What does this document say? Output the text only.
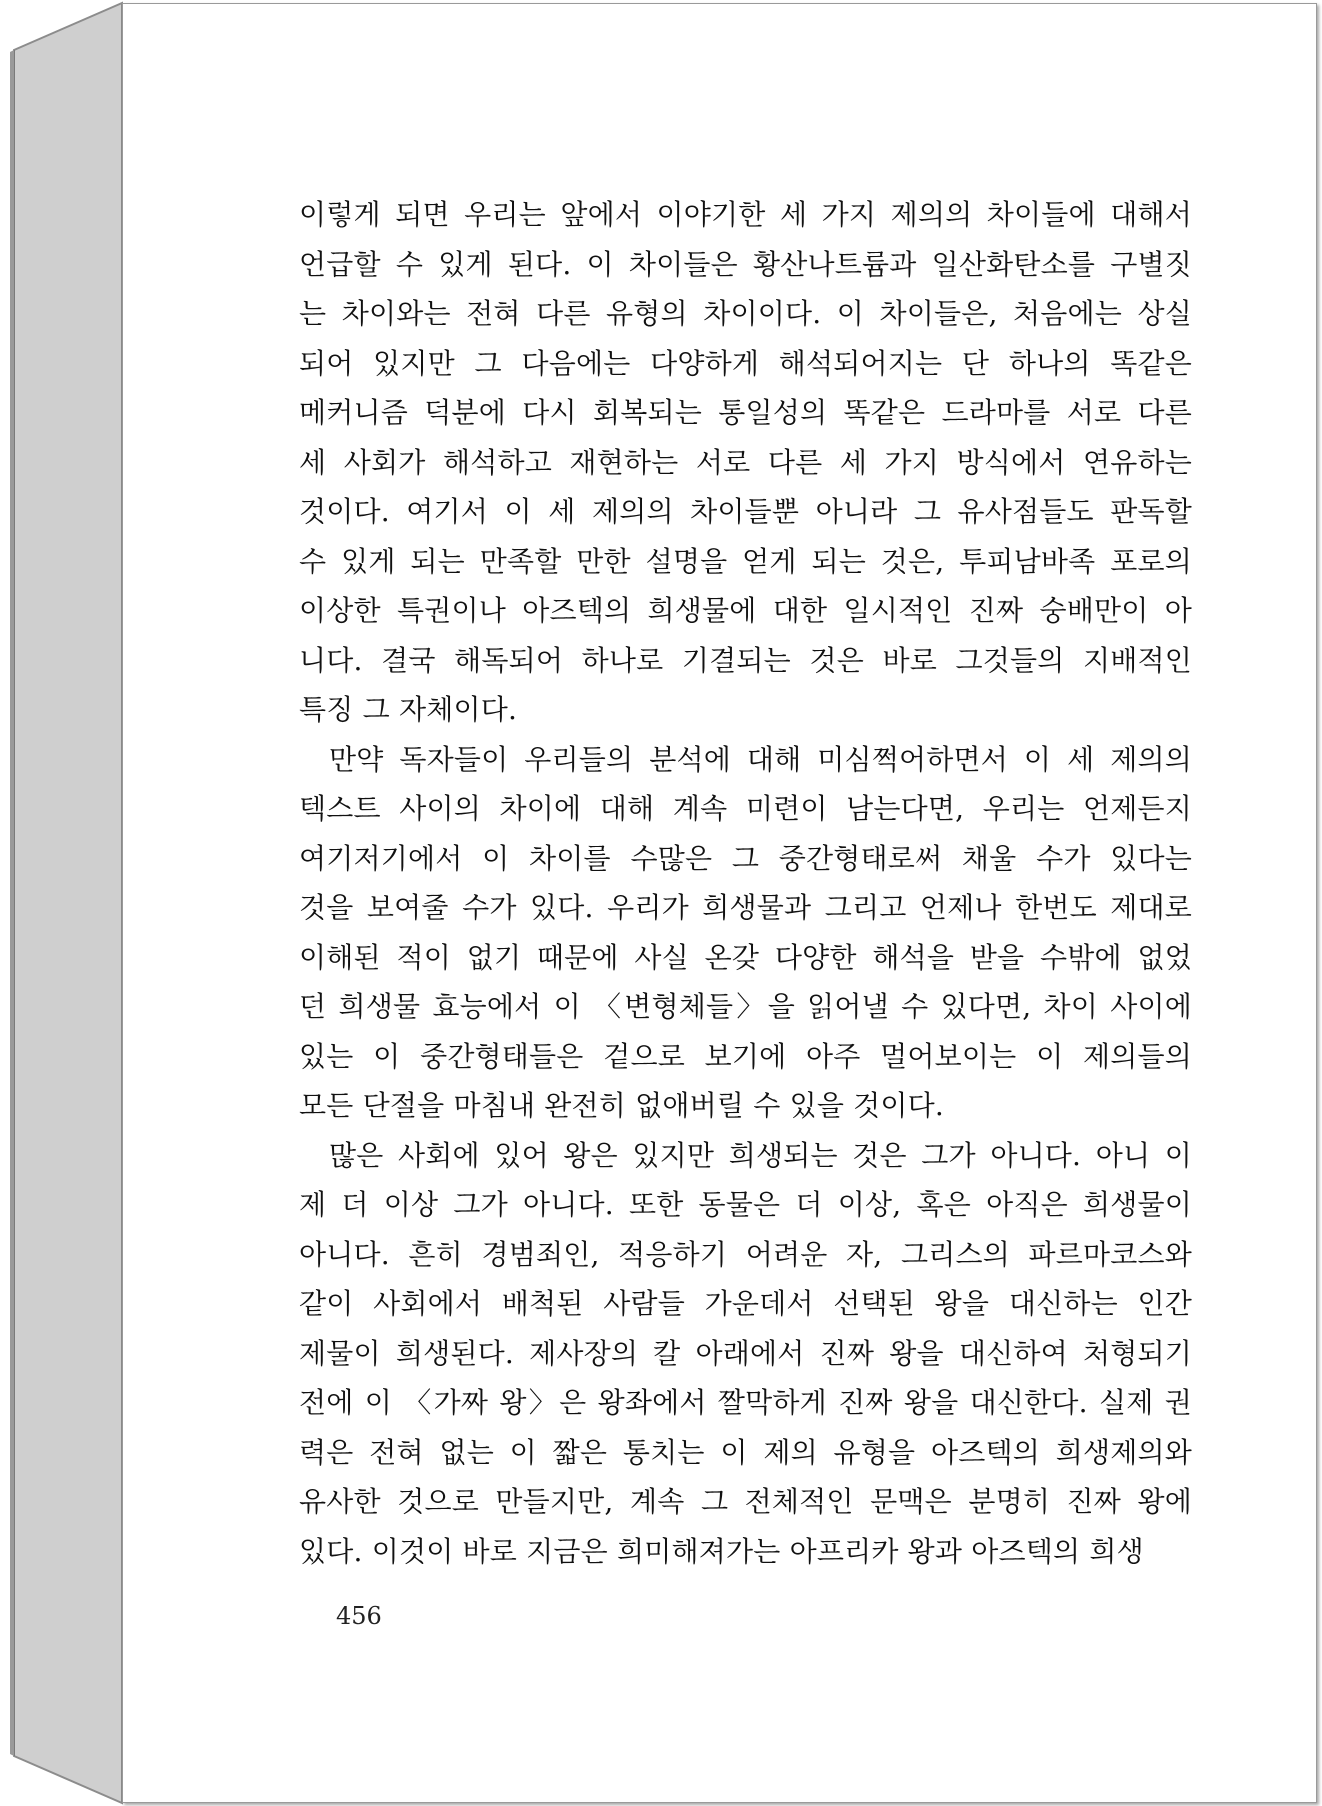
이렇게 되면 우리는 앞에서 이야기한 세 가지 제의의 차이들에 대해서
언급할 수 있게 된다. 이 차이들은 황산나트륨과 일산화탄소를 구별짓
는 차이와는 전혀 다른 유형의 차이이다. 이 차이들은, 처음에는 상실
되어 있지만 그 다음에는 다양하게 해석되어지는 단 하나의 똑같은
메커니즘 덕분에 다시 회복되는 통일성의 똑같은 드라마를 서로 다른
세 사회가 해석하고 재현하는 서로 다른 세 가지 방식에서 연유하는
것이다. 여기서 이 세 제의의 차이들뿐 아니라 그 유사점들도 판독할
수 있게 되는 만족할 만한 설명을 얻게 되는 것은, 투피남바족 포로의
이상한 특권이나 아즈텍의 희생물에 대한 일시적인 진짜 숭배만이 아
니다. 결국 해독되어 하나로 기결되는 것은 바로 그것들의 지배적인
특징 그 자체이다.
만약 독자들이 우리들의 분석에 대해 미심쩍어하면서 이 세 제의의
텍스트 사이의 차이에 대해 계속 미련이 남는다면, 우리는 언제든지
여기저기에서 이 차이를 수많은 그 중간형태로써 채울 수가 있다는
것을 보여줄 수가 있다. 우리가 희생물과 그리고 언제나 한번도 제대로
이해된 적이 없기 때문에 사실 온갖 다양한 해석을 받을 수밖에 없었
던 희생물 효능에서 이 〈변형체들〉을 읽어낼 수 있다면, 차이 사이에
있는 이 중간형태들은 겉으로 보기에 아주 멀어보이는 이 제의들의
모든 단절을 마침내 완전히 없애버릴 수 있을 것이다.
많은 사회에 있어 왕은 있지만 희생되는 것은 그가 아니다. 아니 이
제 더 이상 그가 아니다. 또한 동물은 더 이상, 혹은 아직은 희생물이
아니다. 흔히 경범죄인, 적응하기 어려운 자, 그리스의 파르마코스와
같이 사회에서 배척된 사람들 가운데서 선택된 왕을 대신하는 인간
제물이 희생된다. 제사장의 칼 아래에서 진짜 왕을 대신하여 처형되기
전에 이 〈가짜 왕〉은 왕좌에서 짤막하게 진짜 왕을 대신한다. 실제 권
력은 전혀 없는 이 짧은 통치는 이 제의 유형을 아즈텍의 희생제의와
유사한 것으로 만들지만, 계속 그 전체적인 문맥은 분명히 진짜 왕에
있다. 이것이 바로 지금은 희미해져가는 아프리카 왕과 아즈텍의 희생
456
